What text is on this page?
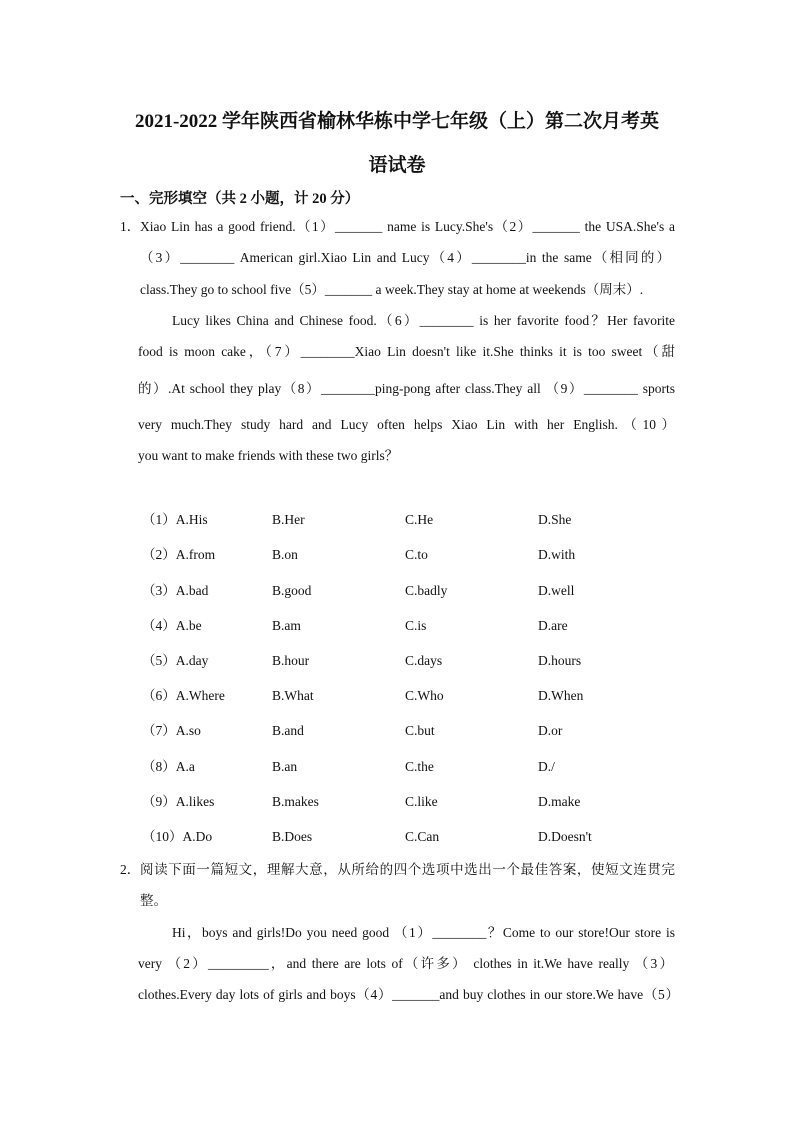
2021-2022 学年陕西省榆林华栋中学七年级（上）第二次月考英
语试卷
一、完形填空（共 2 小题，计 20 分）
1． Xiao Lin has a good friend.（1）_______ name is Lucy.She's（2）_______ the USA.She's a
（3）________ American girl.Xiao Lin and Lucy（4）________in the same（相同的）
class.They go to school five（5）_______ a week.They stay at home at weekends（周末）.
Lucy likes China and Chinese food.（6）________ is her favorite food？Her favorite
food is moon cake，（7）________Xiao Lin doesn't like it.She thinks it is too sweet（甜
的）.At school they play（8）________ping-pong after class.They all （9）________ sports
very much.They study hard and Lucy often helps Xiao Lin with her English.（10）
you want to make friends with these two girls？
（1）A.His	B.Her	C.He	D.She
（2）A.from	B.on	C.to	D.with
（3）A.bad	B.good	C.badly	D.well
（4）A.be	B.am	C.is	D.are
（5）A.day	B.hour	C.days	D.hours
（6）A.Where	B.What	C.Who	D.When
（7）A.so	B.and	C.but	D.or
（8）A.a	B.an	C.the	D./
（9）A.likes	B.makes	C.like	D.make
（10）A.Do	B.Does	C.Can	D.Doesn't
2． 阅读下面一篇短文，理解大意，从所给的四个选项中选出一个最佳答案，使短文连贯完
整。
Hi，boys and girls!Do you need good （1）________？Come to our store!Our store is
very （2）_________，and there are lots of（许多） clothes in it.We have really （3）
clothes.Every day lots of girls and boys（4）_______and buy clothes in our store.We have（5）
